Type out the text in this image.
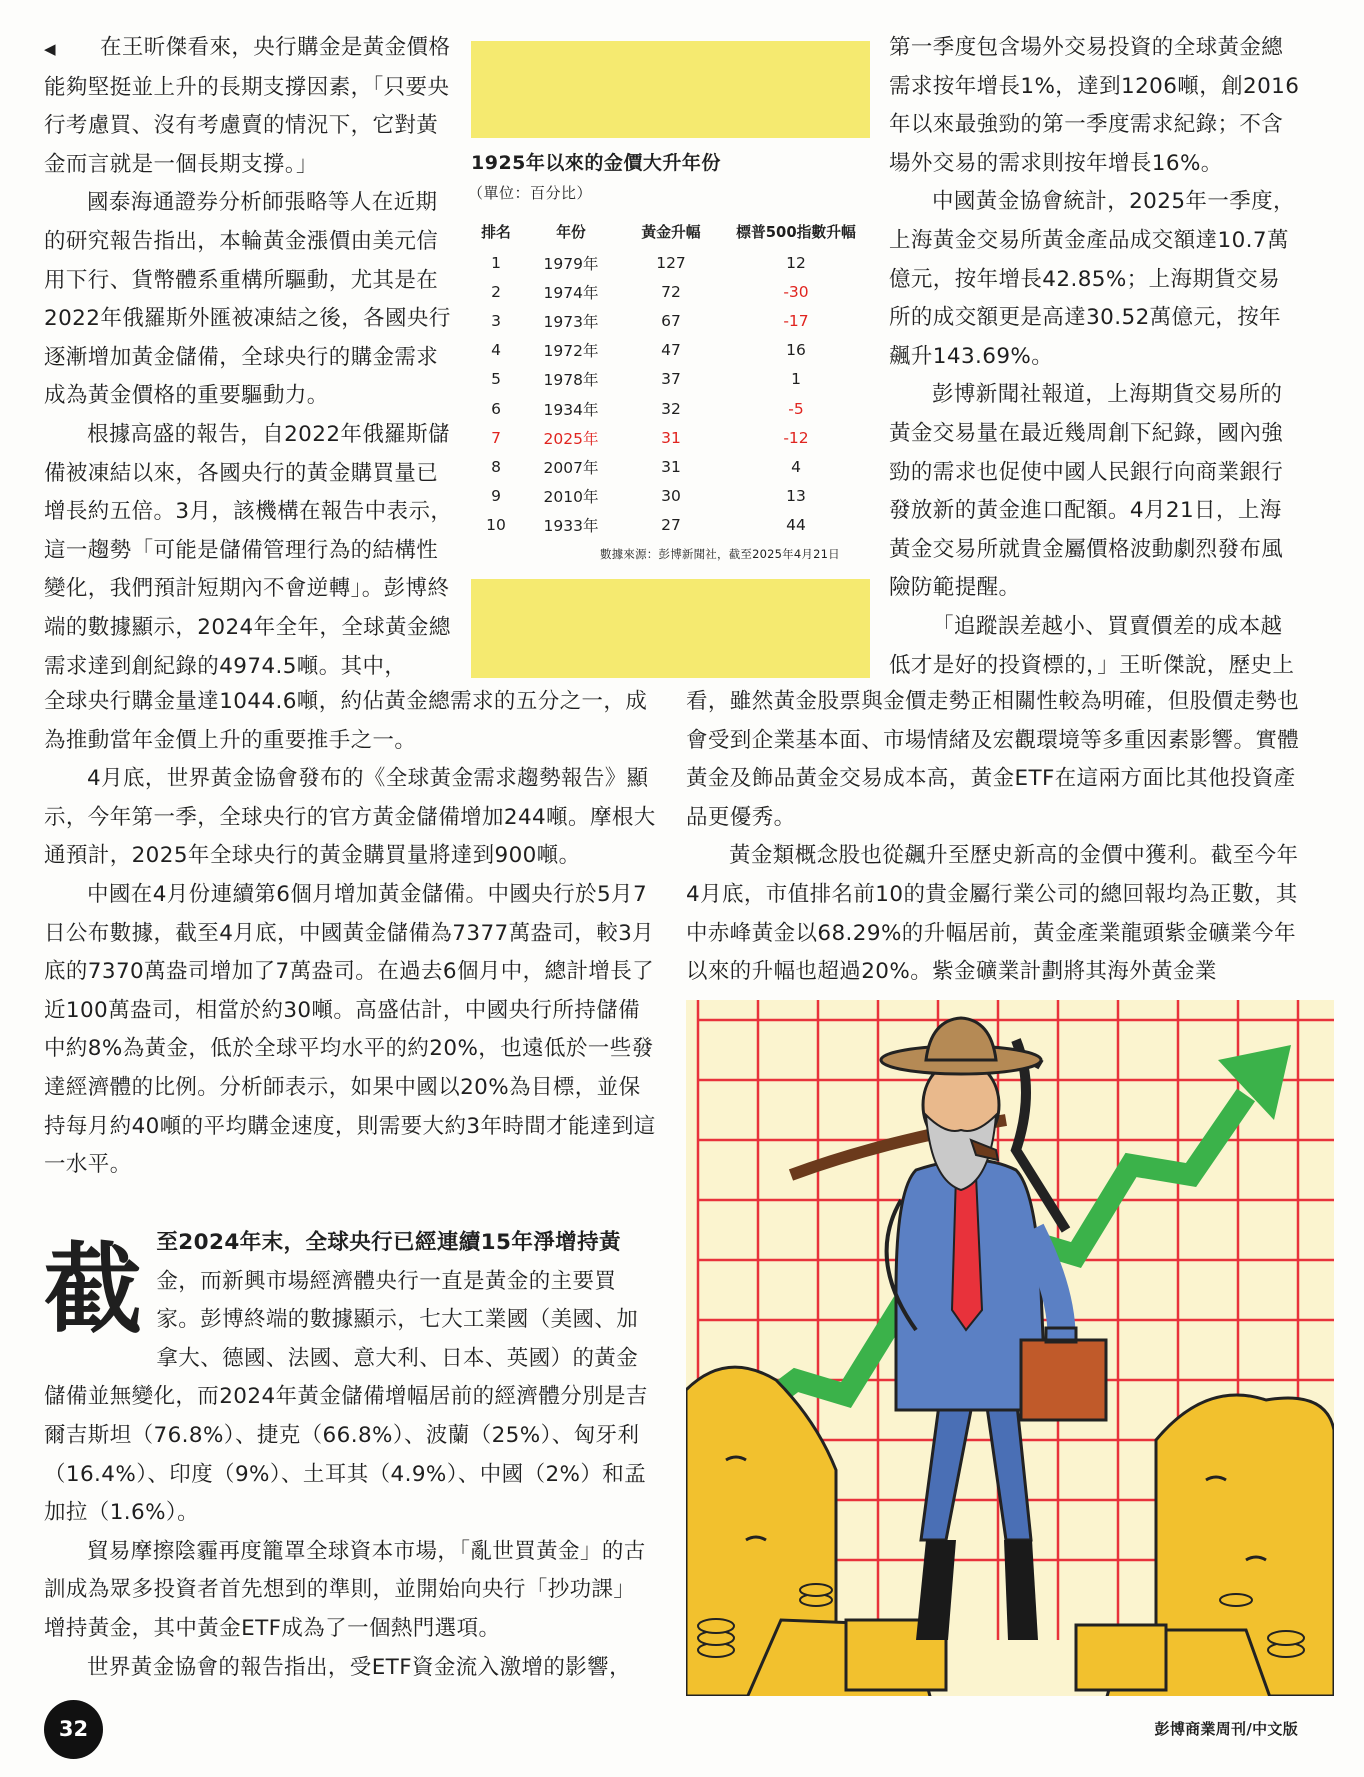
◀ 在王昕傑看來，央行購金是黃金價格能夠堅挺並上升的長期支撐因素，「只要央行考慮買、沒有考慮賣的情況下，它對黃金而言就是一個長期支撐。」

國泰海通證券分析師張略等人在近期的研究報告指出，本輪黃金漲價由美元信用下行、貨幣體系重構所驅動，尤其是在2022年俄羅斯外匯被凍結之後，各國央行逐漸增加黃金儲備，全球央行的購金需求成為黃金價格的重要驅動力。

根據高盛的報告，自2022年俄羅斯儲備被凍結以來，各國央行的黃金購買量已增長約五倍。3月，該機構在報告中表示，這一趨勢「可能是儲備管理行為的結構性變化，我們預計短期內不會逆轉」。彭博終端的數據顯示，2024年全年，全球黃金總需求達到創紀錄的4974.5噸。其中，

全球央行購金量達1044.6噸，約佔黃金總需求的五分之一，成為推動當年金價上升的重要推手之一。

4月底，世界黃金協會發布的《全球黃金需求趨勢報告》顯示，今年第一季，全球央行的官方黃金儲備增加244噸。摩根大通預計，2025年全球央行的黃金購買量將達到900噸。

中國在4月份連續第6個月增加黃金儲備。中國央行於5月7日公布數據，截至4月底，中國黃金儲備為7377萬盎司，較3月底的7370萬盎司增加了7萬盎司。在過去6個月中，總計增長了近100萬盎司，相當於約30噸。高盛估計，中國央行所持儲備中約8%為黃金，低於全球平均水平的約20%，也遠低於一些發達經濟體的比例。分析師表示，如果中國以20%為目標，並保持每月約40噸的平均購金速度，則需要大約3年時間才能達到這一水平。

截 至2024年末，全球央行已經連續15年淨增持黃金，而新興市場經濟體央行一直是黃金的主要買家。彭博終端的數據顯示，七大工業國（美國、加拿大、德國、法國、意大利、日本、英國）的黃金儲備並無變化，而2024年黃金儲備增幅居前的經濟體分別是吉爾吉斯坦（76.8%）、捷克（66.8%）、波蘭（25%）、匈牙利（16.4%）、印度（9%）、土耳其（4.9%）、中國（2%）和孟加拉（1.6%）。

貿易摩擦陰霾再度籠罩全球資本市場，「亂世買黃金」的古訓成為眾多投資者首先想到的準則，並開始向央行「抄功課」增持黃金，其中黃金ETF成為了一個熱門選項。

世界黃金協會的報告指出，受ETF資金流入激增的影響，

1925年以來的金價大升年份
（單位：百分比）
排名	年份	黃金升幅	標普500指數升幅
1	1979年	127	12
2	1974年	72	-30
3	1973年	67	-17
4	1972年	47	16
5	1978年	37	1
6	1934年	32	-5
7	2025年	31	-12
8	2007年	31	4
9	2010年	30	13
10	1933年	27	44
數據來源：彭博新聞社，截至2025年4月21日

第一季度包含場外交易投資的全球黃金總需求按年增長1%，達到1206噸，創2016年以來最強勁的第一季度需求紀錄；不含場外交易的需求則按年增長16%。

中國黃金協會統計，2025年一季度，上海黃金交易所黃金產品成交額達10.7萬億元，按年增長42.85%；上海期貨交易所的成交額更是高達30.52萬億元，按年飆升143.69%。

彭博新聞社報道，上海期貨交易所的黃金交易量在最近幾周創下紀錄，國內強勁的需求也促使中國人民銀行向商業銀行發放新的黃金進口配額。4月21日，上海黃金交易所就貴金屬價格波動劇烈發布風險防範提醒。

「追蹤誤差越小、買賣價差的成本越低才是好的投資標的，」王昕傑說，歷史上

看，雖然黃金股票與金價走勢正相關性較為明確，但股價走勢也會受到企業基本面、市場情緒及宏觀環境等多重因素影響。實體黃金及飾品黃金交易成本高，黃金ETF在這兩方面比其他投資產品更優秀。

黃金類概念股也從飆升至歷史新高的金價中獲利。截至今年4月底，市值排名前10的貴金屬行業公司的總回報均為正數，其中赤峰黃金以68.29%的升幅居前，黃金產業龍頭紫金礦業今年以來的升幅也超過20%。紫金礦業計劃將其海外黃金業

32	彭博商業周刊/中文版
